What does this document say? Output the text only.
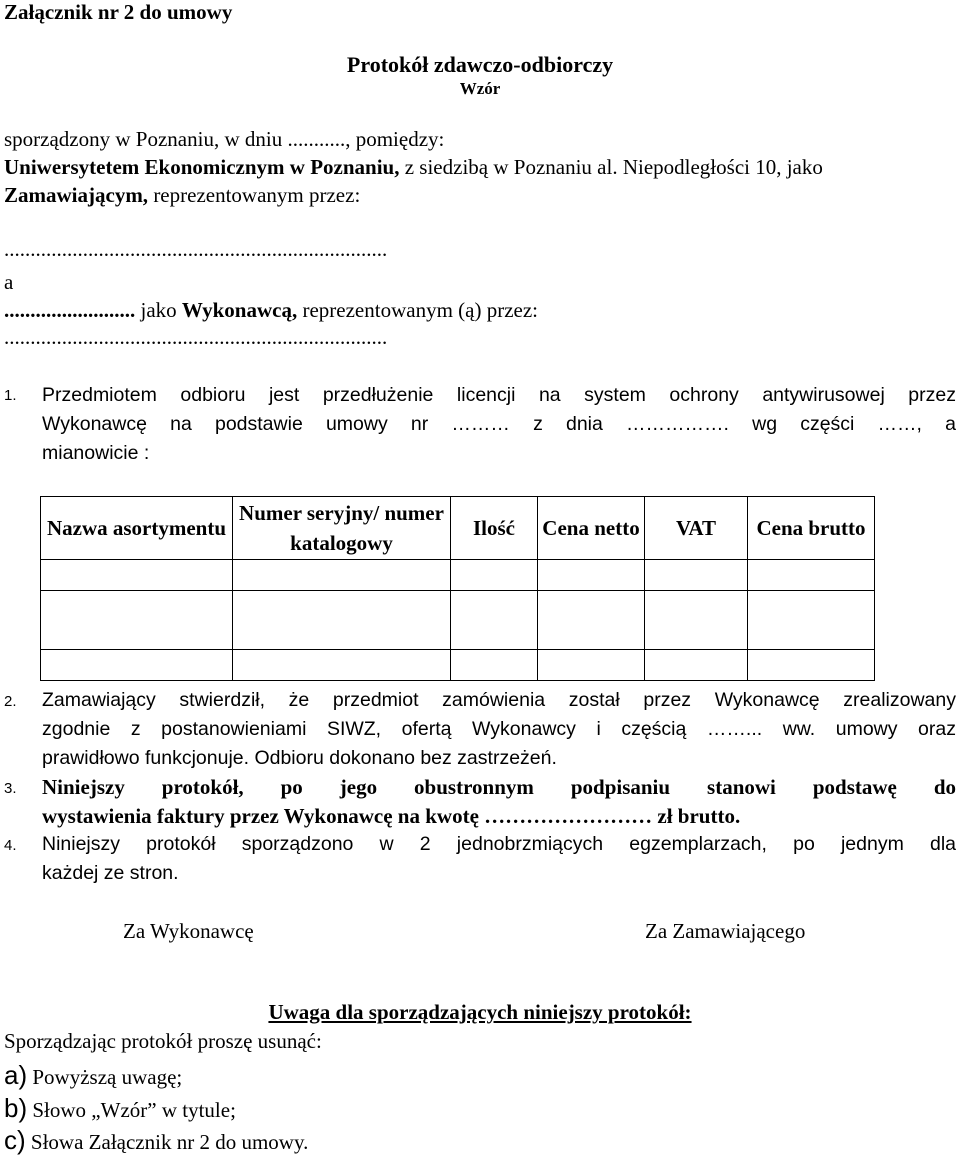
Załącznik nr 2 do umowy
Protokół zdawczo-odbiorczy
Wzór
sporządzony w Poznaniu, w dniu ..........., pomiędzy:
Uniwersytetem Ekonomicznym w Poznaniu, z siedzibą w Poznaniu al. Niepodległości 10, jako
Zamawiającym, reprezentowanym przez:
.........................................................................
a
......................... jako Wykonawcą, reprezentowanym (ą) przez:
.........................................................................
1. Przedmiotem odbioru jest przedłużenie licencji na system ochrony antywirusowej przez
Wykonawcę na podstawie umowy nr ……… z dnia ……………. wg części ……, a
mianowicie :
Nazwa asortymentu	Numer seryjny/ numer katalogowy	Ilość	Cena netto	VAT	Cena brutto

2. Zamawiający stwierdził, że przedmiot zamówienia został przez Wykonawcę zrealizowany
zgodnie z postanowieniami SIWZ, ofertą Wykonawcy i częścią ……... ww. umowy oraz
prawidłowo funkcjonuje. Odbioru dokonano bez zastrzeżeń.
3. Niniejszy protokół, po jego obustronnym podpisaniu stanowi podstawę do
wystawienia faktury przez Wykonawcę na kwotę …………………… zł brutto.
4. Niniejszy protokół sporządzono w 2 jednobrzmiących egzemplarzach, po jednym dla
każdej ze stron.
Za Wykonawcę	Za Zamawiającego
Uwaga dla sporządzających niniejszy protokół:
Sporządzając protokół proszę usunąć:
a) Powyższą uwagę;
b) Słowo „Wzór” w tytule;
c) Słowa Załącznik nr 2 do umowy.
